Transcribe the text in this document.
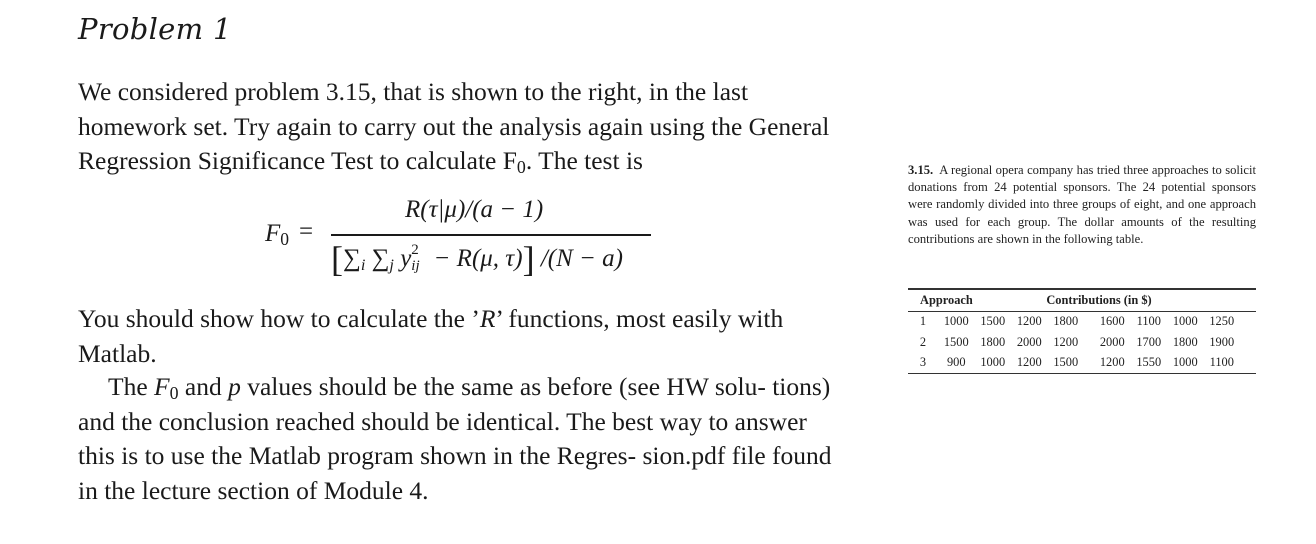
Problem 1

We considered problem 3.15, that is shown to the right, in the last homework set. Try again to carry out the analysis again using the General Regression Significance Test to calculate $F_0$. The test is

$F_0$ =
R(τ|μ)/(a − 1)
[∑i ∑j y 2
ij − R(μ, τ)] /(N − a)

You should show how to calculate the ’R’ functions, most easily with Matlab.

The $F_0$ and p values should be the same as before (see HW solu- tions) and the conclusion reached should be identical. The best way to answer this is to use the Matlab program shown in the Regres- sion.pdf file found in the lecture section of Module 4.

3.15. A regional opera company has tried three approaches to solicit donations from 24 potential sponsors. The 24 potential sponsors were randomly divided into three groups of eight, and one approach was used for each group. The dollar amounts of the resulting contributions are shown in the following table.
Approach	Contributions (in $)
1	1000 1500 1200 1800	1600 1100 1000 1250
2	1500 1800 2000 1200	2000 1700 1800 1900
3	900	1000 1200 1500	1200 1550 1000 1100
